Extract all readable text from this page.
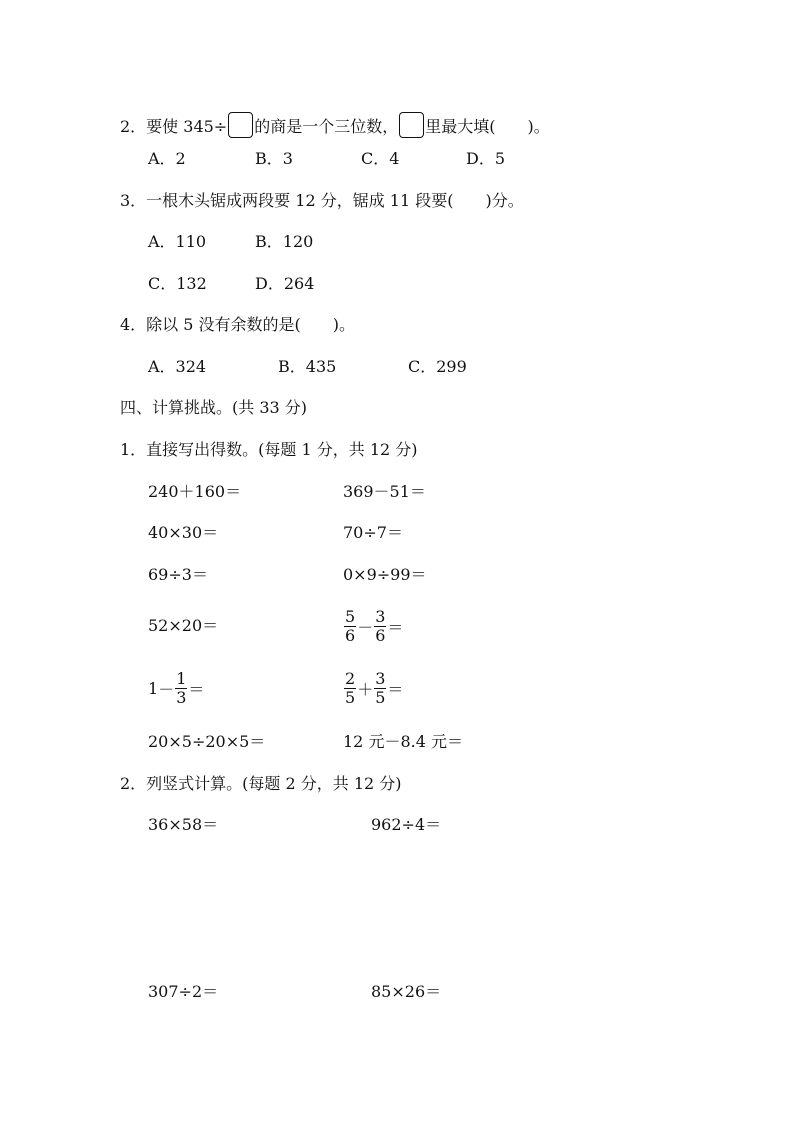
2．要使 345÷ 的商是一个三位数， 里最大填(　　)。
A．2	B．3	C．4	D．5
3．一根木头锯成两段要 12 分，锯成 11 段要(　　)分。
A．110	B．120
C．132	D．264
4．除以 5 没有余数的是(　　)。
A．324	B．435	C．299
四、计算挑战。(共 33 分)
1．直接写出得数。(每题 1 分，共 12 分)
240＋160＝	369－51＝
40×30＝	70÷7＝
69÷3＝	0×9÷99＝
52×20＝	$\frac{5}{6} - \frac{3}{6}$ ＝
$1 - \frac{1}{3}$ ＝	$\frac{2}{5} + \frac{3}{5}$ ＝
20×5÷20×5＝	12 元－8.4 元＝
2．列竖式计算。(每题 2 分，共 12 分)
36×58＝	962÷4＝
307÷2＝	85×26＝
